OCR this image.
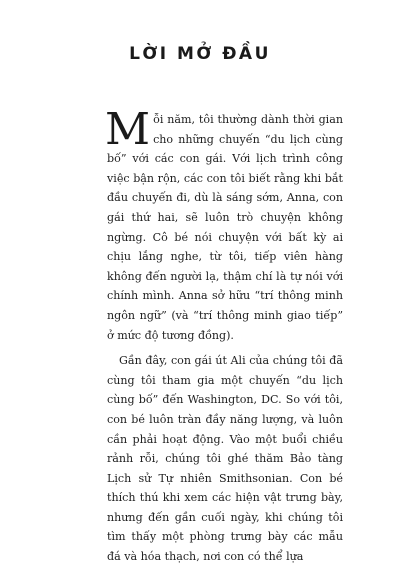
LỜI MỞ ĐẦU

Mỗi năm, tôi thường dành thời gian cho những chuyến “du lịch cùng bố” với các con gái. Với lịch trình công việc bận rộn, các con tôi biết rằng khi bắt đầu chuyến đi, dù là sáng sớm, Anna, con gái thứ hai, sẽ luôn trò chuyện không ngừng. Cô bé nói chuyện với bất kỳ ai chịu lắng nghe, từ tôi, tiếp viên hàng không đến người lạ, thậm chí là tự nói với chính mình. Anna sở hữu “trí thông minh ngôn ngữ” (và “trí thông minh giao tiếp” ở mức độ tương đồng).

Gần đây, con gái út Ali của chúng tôi đã cùng tôi tham gia một chuyến “du lịch cùng bố” đến Washington, DC. So với tôi, con bé luôn tràn đầy năng lượng, và luôn cần phải hoạt động. Vào một buổi chiều rảnh rỗi, chúng tôi ghé thăm Bảo tàng Lịch sử Tự nhiên Smithsonian. Con bé thích thú khi xem các hiện vật trưng bày, nhưng đến gần cuối ngày, khi chúng tôi tìm thấy một phòng trưng bày các mẫu đá và hóa thạch, nơi con có thể lựa
